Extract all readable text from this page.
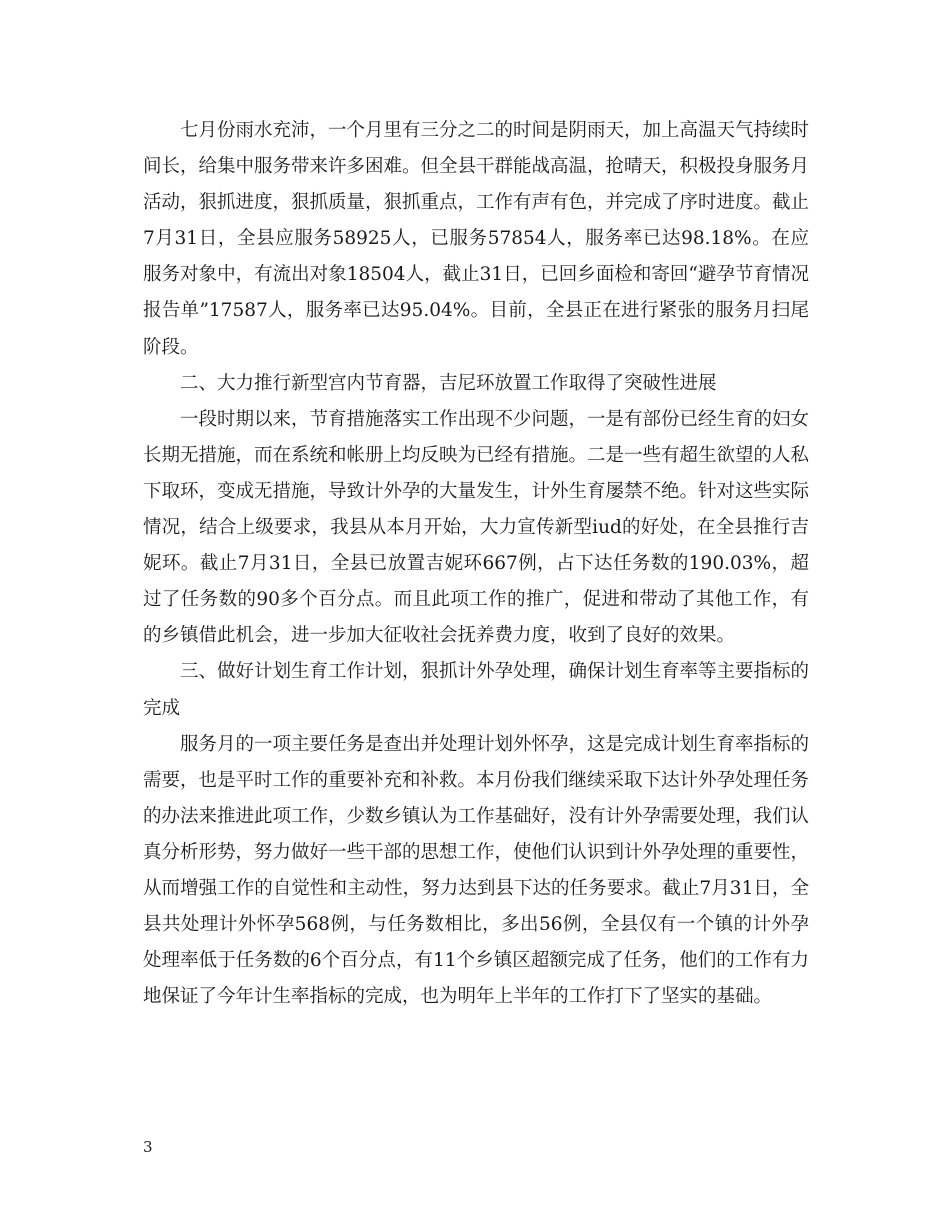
七月份雨水充沛，一个月里有三分之二的时间是阴雨天，加上高温天气持续时间长，给集中服务带来许多困难。但全县干群能战高温，抢晴天，积极投身服务月活动，狠抓进度，狠抓质量，狠抓重点，工作有声有色，并完成了序时进度。截止7月31日，全县应服务58925人，已服务57854人，服务率已达98.18%。在应服务对象中，有流出对象18504人，截止31日，已回乡面检和寄回“避孕节育情况报告单”17587人，服务率已达95.04%。目前，全县正在进行紧张的服务月扫尾阶段。

二、大力推行新型宫内节育器，吉尼环放置工作取得了突破性进展

一段时期以来，节育措施落实工作出现不少问题，一是有部份已经生育的妇女长期无措施，而在系统和帐册上均反映为已经有措施。二是一些有超生欲望的人私下取环，变成无措施，导致计外孕的大量发生，计外生育屡禁不绝。针对这些实际情况，结合上级要求，我县从本月开始，大力宣传新型iud的好处，在全县推行吉妮环。截止7月31日，全县已放置吉妮环667例，占下达任务数的190.03%，超过了任务数的90多个百分点。而且此项工作的推广，促进和带动了其他工作，有的乡镇借此机会，进一步加大征收社会抚养费力度，收到了良好的效果。

三、做好计划生育工作计划，狠抓计外孕处理，确保计划生育率等主要指标的完成

服务月的一项主要任务是查出并处理计划外怀孕，这是完成计划生育率指标的需要，也是平时工作的重要补充和补救。本月份我们继续采取下达计外孕处理任务的办法来推进此项工作，少数乡镇认为工作基础好，没有计外孕需要处理，我们认真分析形势，努力做好一些干部的思想工作，使他们认识到计外孕处理的重要性，从而增强工作的自觉性和主动性，努力达到县下达的任务要求。截止7月31日，全县共处理计外怀孕568例，与任务数相比，多出56例，全县仅有一个镇的计外孕处理率低于任务数的6个百分点，有11个乡镇区超额完成了任务，他们的工作有力地保证了今年计生率指标的完成，也为明年上半年的工作打下了坚实的基础。

3
